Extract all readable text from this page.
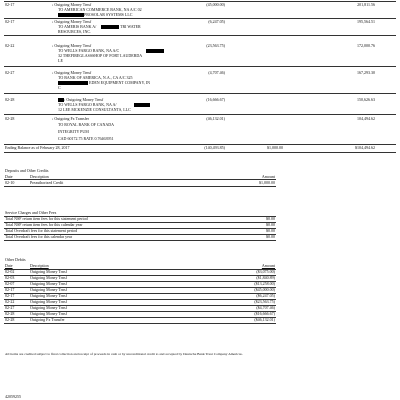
02-17	› Outgoing Money Trnsf
TO AMERICAN COMMERCE BANK, NA A/C 02
PROSOLAR SYSTEMS LLC
(45,000.00)	201,811.56
02-17	› Outgoing Money Trnsf
TO AMERIS BANK A/	TRI WATER
RESOURCES, INC.
(6,247.05)	195,564.51
02-22	› Outgoing Money Trnsf
TO WELLS FARGO BANK, NA A/C
32 THEFIREGLASSSHOP OF FORT LAUDERDA
LE
(23,563.75)	172,000.76
02-27	› Outgoing Money Trnsf
TO BANK OF AMERICA, N.A., CA A/C 325
EDEN EQUIPMENT COMPANY, IN
C
(4,707.46)	167,293.30
02-28	› Outgoing Money Trnsf
TO WELLS FARGO BANK, NA A/
12 LEE MCKENZIE CONSULTANTS, LLC
(16,666.67)	150,626.63
02-28	› Outgoing Fx Transfer
TO ROYAL BANK OF CANADA
INTEGRITY PUM
CAD 60172.75 RATE 0.76463951
(46,132.01)	104,494.62
Ending Balance as of February 28, 2017	(140,493.85)	$1,000.00	$104,494.62
Deposits and Other Credits
Date	Description	Amount
02-10	Preauthorized Credit	$1,000.00
Service Charges and Other Fees
Total NSF return item fees for this statement period	$0.00
Total NSF return item fees for this calendar year	$0.00
Total Overdraft fees for this statement period	$0.00
Total Overdraft fees for this calendar year	$0.00
Other Debits
Date	Description	Amount
02-02	Outgoing Money Trnsf	($3,075.00)
02-03	Outgoing Money Trnsf	($1,840.89)
02-07	Outgoing Money Trnsf	($13,258.00)
02-17	Outgoing Money Trnsf	($45,000.00)
02-17	Outgoing Money Trnsf	($6,247.05)
02-22	Outgoing Money Trnsf	($23,563.75)
02-27	Outgoing Money Trnsf	($4,707.46)
02-28	Outgoing Money Trnsf	($16,666.67)
02-28	Outgoing Fx Transfer	($46,132.01)
All items are credited subject to final collection and receipt of proceeds in cash or by unconditional credit to and accepted by Deutsche Bank Trust Company Americas.
42059255
